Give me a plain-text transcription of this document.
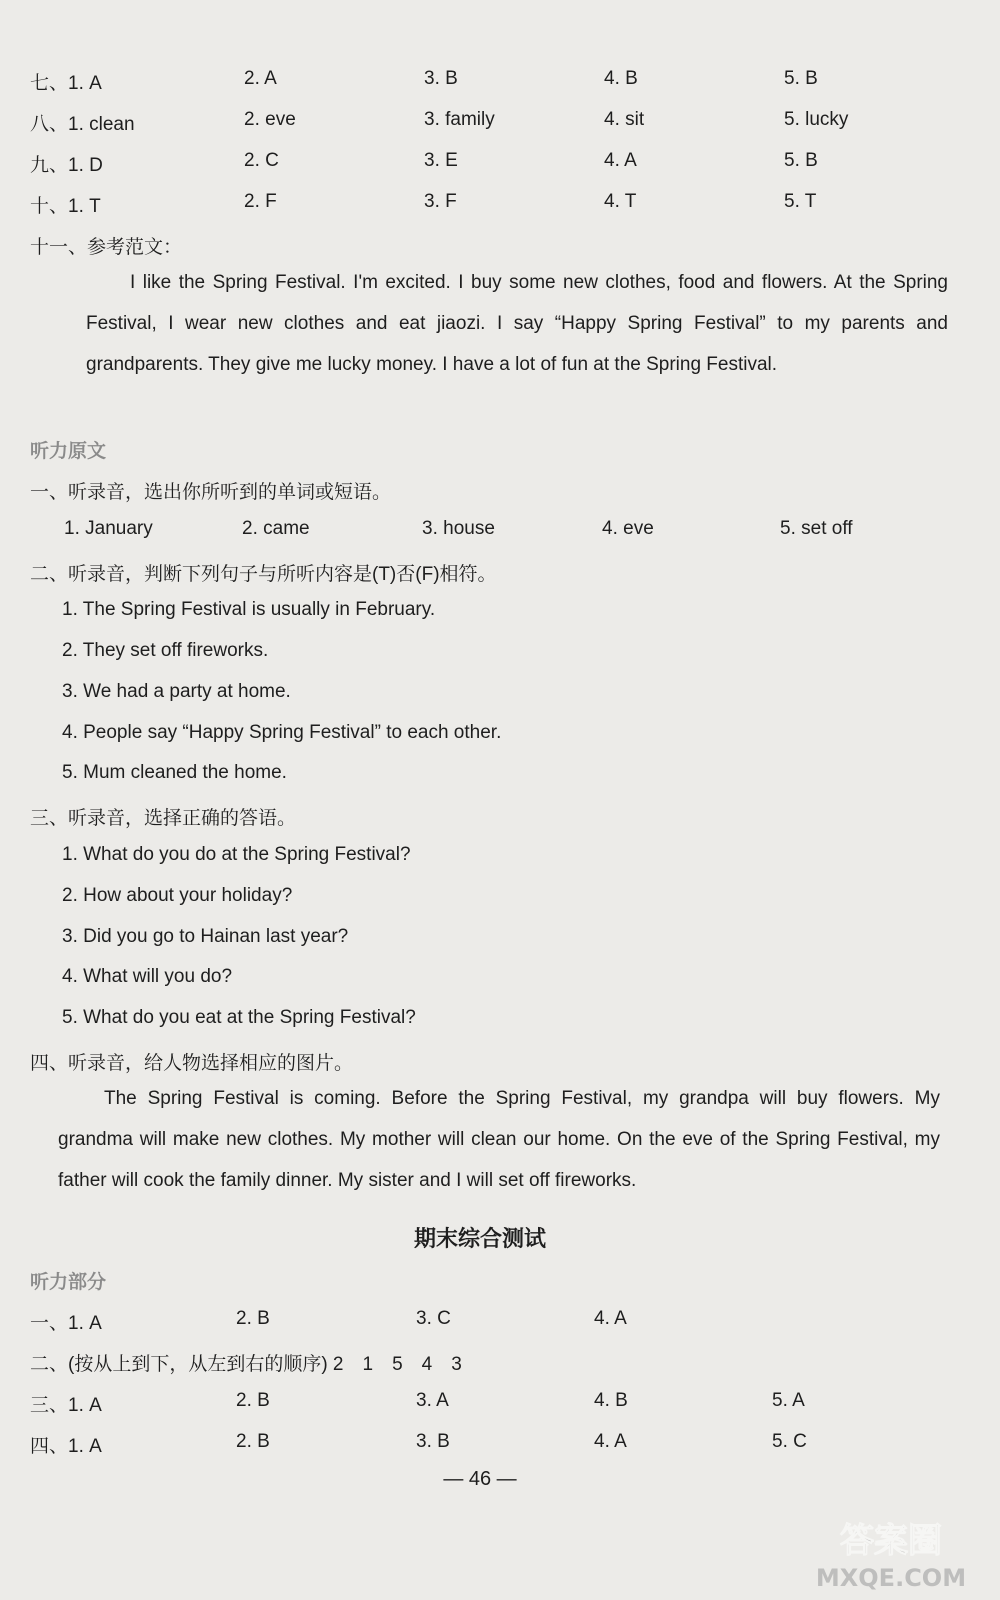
七、1. A	2. A	3. B	4. B	5. B
八、1. clean	2. eve	3. family	4. sit	5. lucky
九、1. D	2. C	3. E	4. A	5. B
十、1. T	2. F	3. F	4. T	5. T
十一、参考范文：
I like the Spring Festival. I'm excited. I buy some new clothes, food and flowers. At the Spring Festival, I wear new clothes and eat jiaozi. I say “Happy Spring Festival” to my parents and grandparents. They give me lucky money. I have a lot of fun at the Spring Festival.
听力原文
一、听录音，选出你所听到的单词或短语。
1. January	2. came	3. house	4. eve	5. set off
二、听录音，判断下列句子与所听内容是(T)否(F)相符。
1. The Spring Festival is usually in February.
2. They set off fireworks.
3. We had a party at home.
4. People say “Happy Spring Festival” to each other.
5. Mum cleaned the home.
三、听录音，选择正确的答语。
1. What do you do at the Spring Festival?
2. How about your holiday?
3. Did you go to Hainan last year?
4. What will you do?
5. What do you eat at the Spring Festival?
四、听录音，给人物选择相应的图片。
The Spring Festival is coming. Before the Spring Festival, my grandpa will buy flowers. My grandma will make new clothes. My mother will clean our home. On the eve of the Spring Festival, my father will cook the family dinner. My sister and I will set off fireworks.
期末综合测试
听力部分
一、1. A	2. B	3. C	4. A
二、(按从上到下，从左到右的顺序) 2　1　5　4　3
三、1. A	2. B	3. A	4. B	5. A
四、1. A	2. B	3. B	4. A	5. C
— 46 —
答案圈
MXQE.COM
